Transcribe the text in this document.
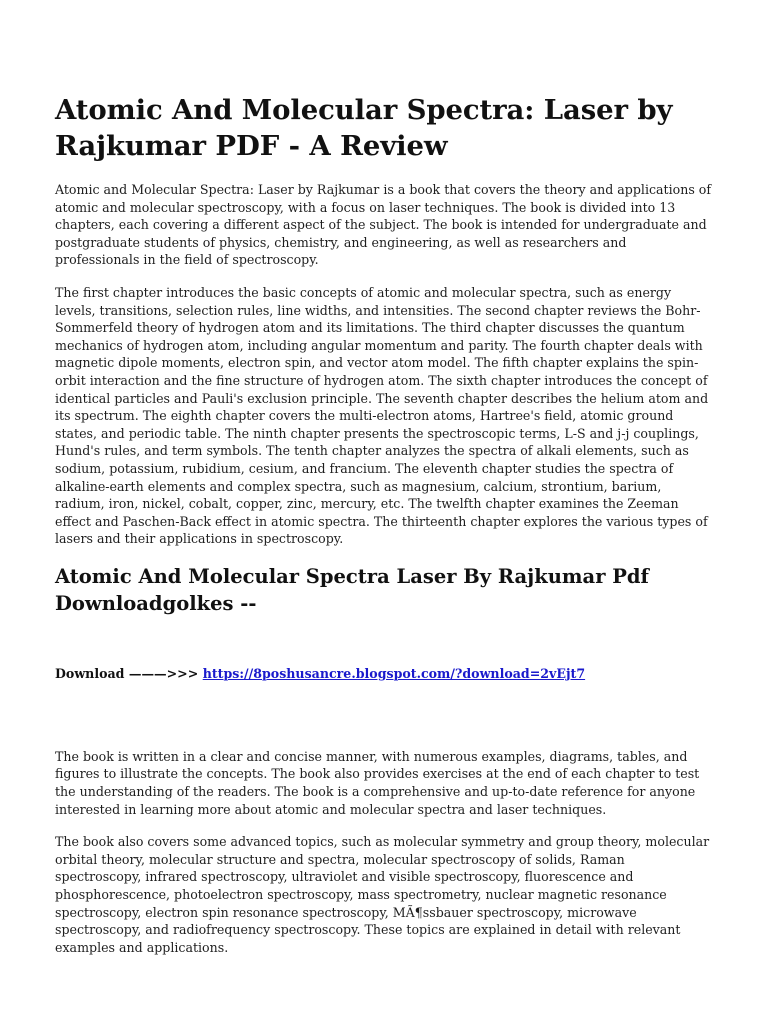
Atomic And Molecular Spectra: Laser by Rajkumar PDF - A Review

Atomic and Molecular Spectra: Laser by Rajkumar is a book that covers the theory and applications of atomic and molecular spectroscopy, with a focus on laser techniques. The book is divided into 13 chapters, each covering a different aspect of the subject. The book is intended for undergraduate and postgraduate students of physics, chemistry, and engineering, as well as researchers and professionals in the field of spectroscopy.

The first chapter introduces the basic concepts of atomic and molecular spectra, such as energy levels, transitions, selection rules, line widths, and intensities. The second chapter reviews the Bohr-Sommerfeld theory of hydrogen atom and its limitations. The third chapter discusses the quantum mechanics of hydrogen atom, including angular momentum and parity. The fourth chapter deals with magnetic dipole moments, electron spin, and vector atom model. The fifth chapter explains the spin-orbit interaction and the fine structure of hydrogen atom. The sixth chapter introduces the concept of identical particles and Pauli's exclusion principle. The seventh chapter describes the helium atom and its spectrum. The eighth chapter covers the multi-electron atoms, Hartree's field, atomic ground states, and periodic table. The ninth chapter presents the spectroscopic terms, L-S and j-j couplings, Hund's rules, and term symbols. The tenth chapter analyzes the spectra of alkali elements, such as sodium, potassium, rubidium, cesium, and francium. The eleventh chapter studies the spectra of alkaline-earth elements and complex spectra, such as magnesium, calcium, strontium, barium, radium, iron, nickel, cobalt, copper, zinc, mercury, etc. The twelfth chapter examines the Zeeman effect and Paschen-Back effect in atomic spectra. The thirteenth chapter explores the various types of lasers and their applications in spectroscopy.

Atomic And Molecular Spectra Laser By Rajkumar Pdf Downloadgolkes --
Download ———>>> https://8poshusancre.blogspot.com/?download=2vEjt7

The book is written in a clear and concise manner, with numerous examples, diagrams, tables, and figures to illustrate the concepts. The book also provides exercises at the end of each chapter to test the understanding of the readers. The book is a comprehensive and up-to-date reference for anyone interested in learning more about atomic and molecular spectra and laser techniques.

The book also covers some advanced topics, such as molecular symmetry and group theory, molecular orbital theory, molecular structure and spectra, molecular spectroscopy of solids, Raman spectroscopy, infrared spectroscopy, ultraviolet and visible spectroscopy, fluorescence and phosphorescence, photoelectron spectroscopy, mass spectrometry, nuclear magnetic resonance spectroscopy, electron spin resonance spectroscopy, MÃ¶ssbauer spectroscopy, microwave spectroscopy, and radiofrequency spectroscopy. These topics are explained in detail with relevant examples and applications.
